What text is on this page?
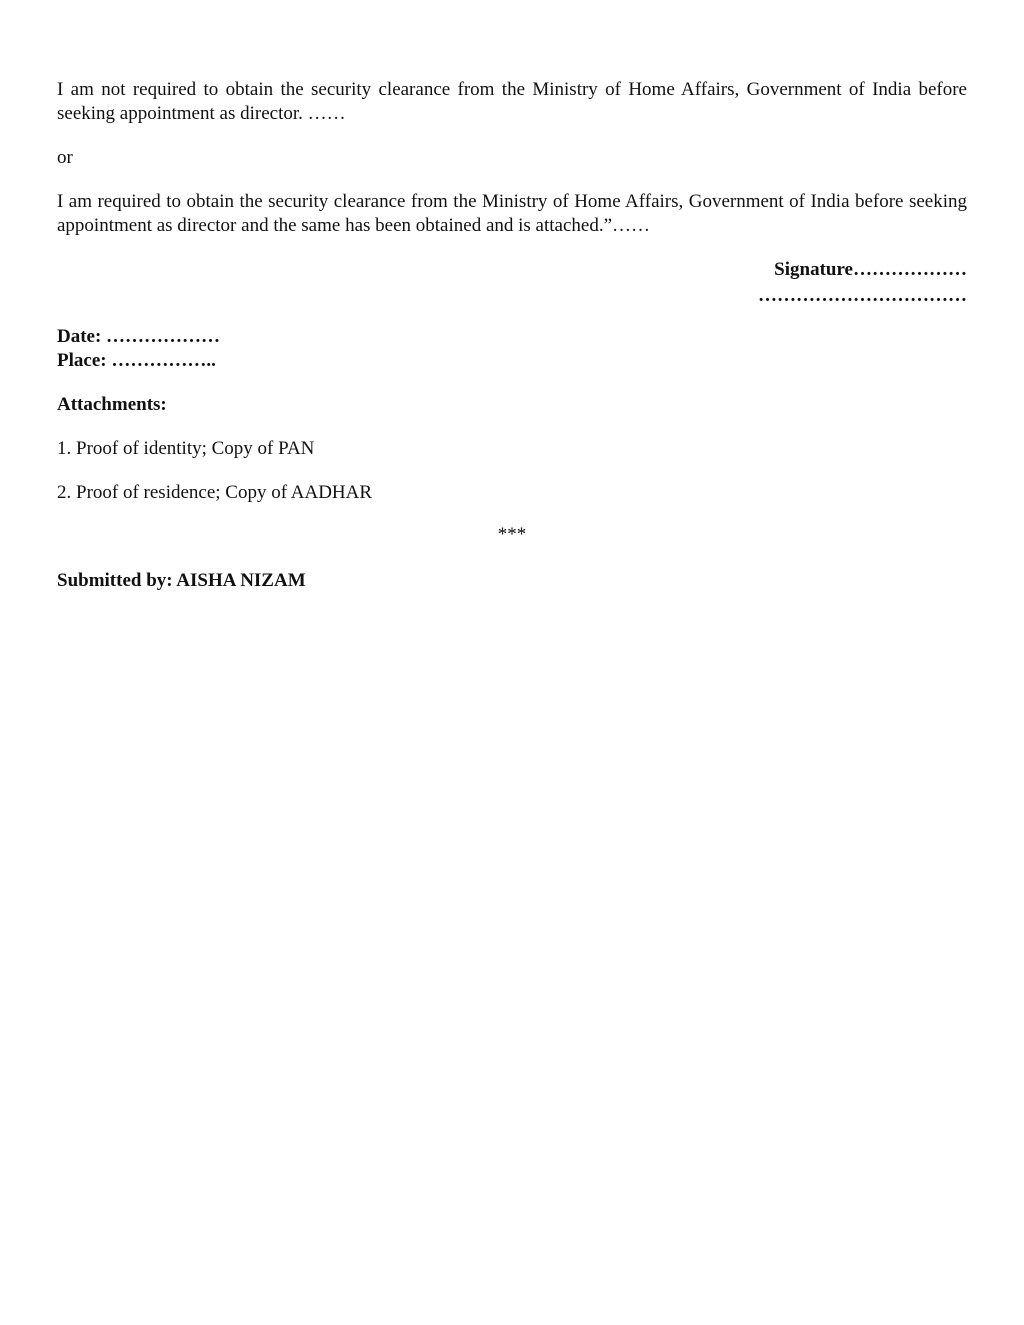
I am not required to obtain the security clearance from the Ministry of Home Affairs, Government of India before seeking appointment as director. ……

or

I am required to obtain the security clearance from the Ministry of Home Affairs, Government of India before seeking appointment as director and the same has been obtained and is attached.”……

Signature………………
……………………………
Date: ………………
Place: ……………..
Attachments:
1. Proof of identity; Copy of PAN
2. Proof of residence; Copy of AADHAR
***
Submitted by: AISHA NIZAM
